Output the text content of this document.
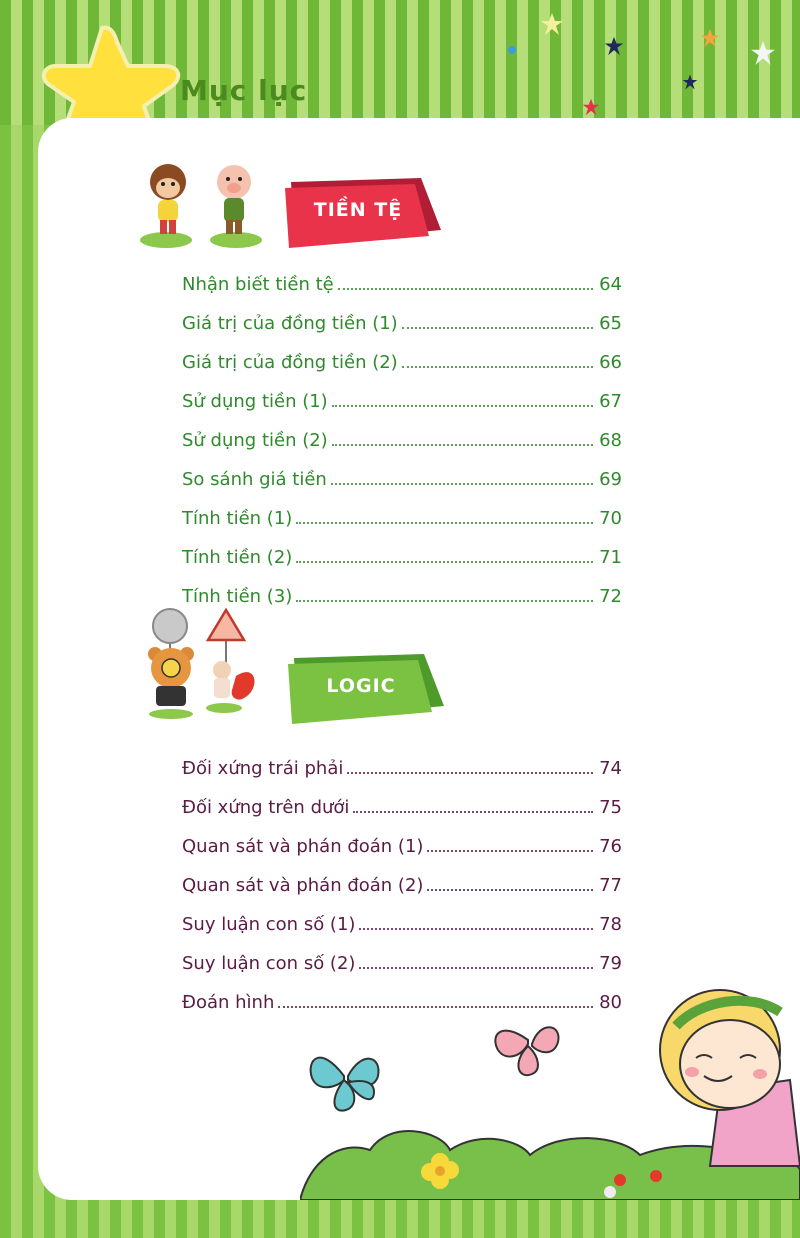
Mục lục
TIỀN TỆ
Nhận biết tiền tệ	64
Giá trị của đồng tiền (1)	65
Giá trị của đồng tiền (2)	66
Sử dụng tiền (1)	67
Sử dụng tiền (2)	68
So sánh giá tiền	69
Tính tiền (1)	70
Tính tiền (2)	71
Tính tiền (3)	72
LOGIC
Đối xứng trái phải	74
Đối xứng trên dưới	75
Quan sát và phán đoán (1)	76
Quan sát và phán đoán (2)	77
Suy luận con số (1)	78
Suy luận con số (2)	79
Đoán hình	80
